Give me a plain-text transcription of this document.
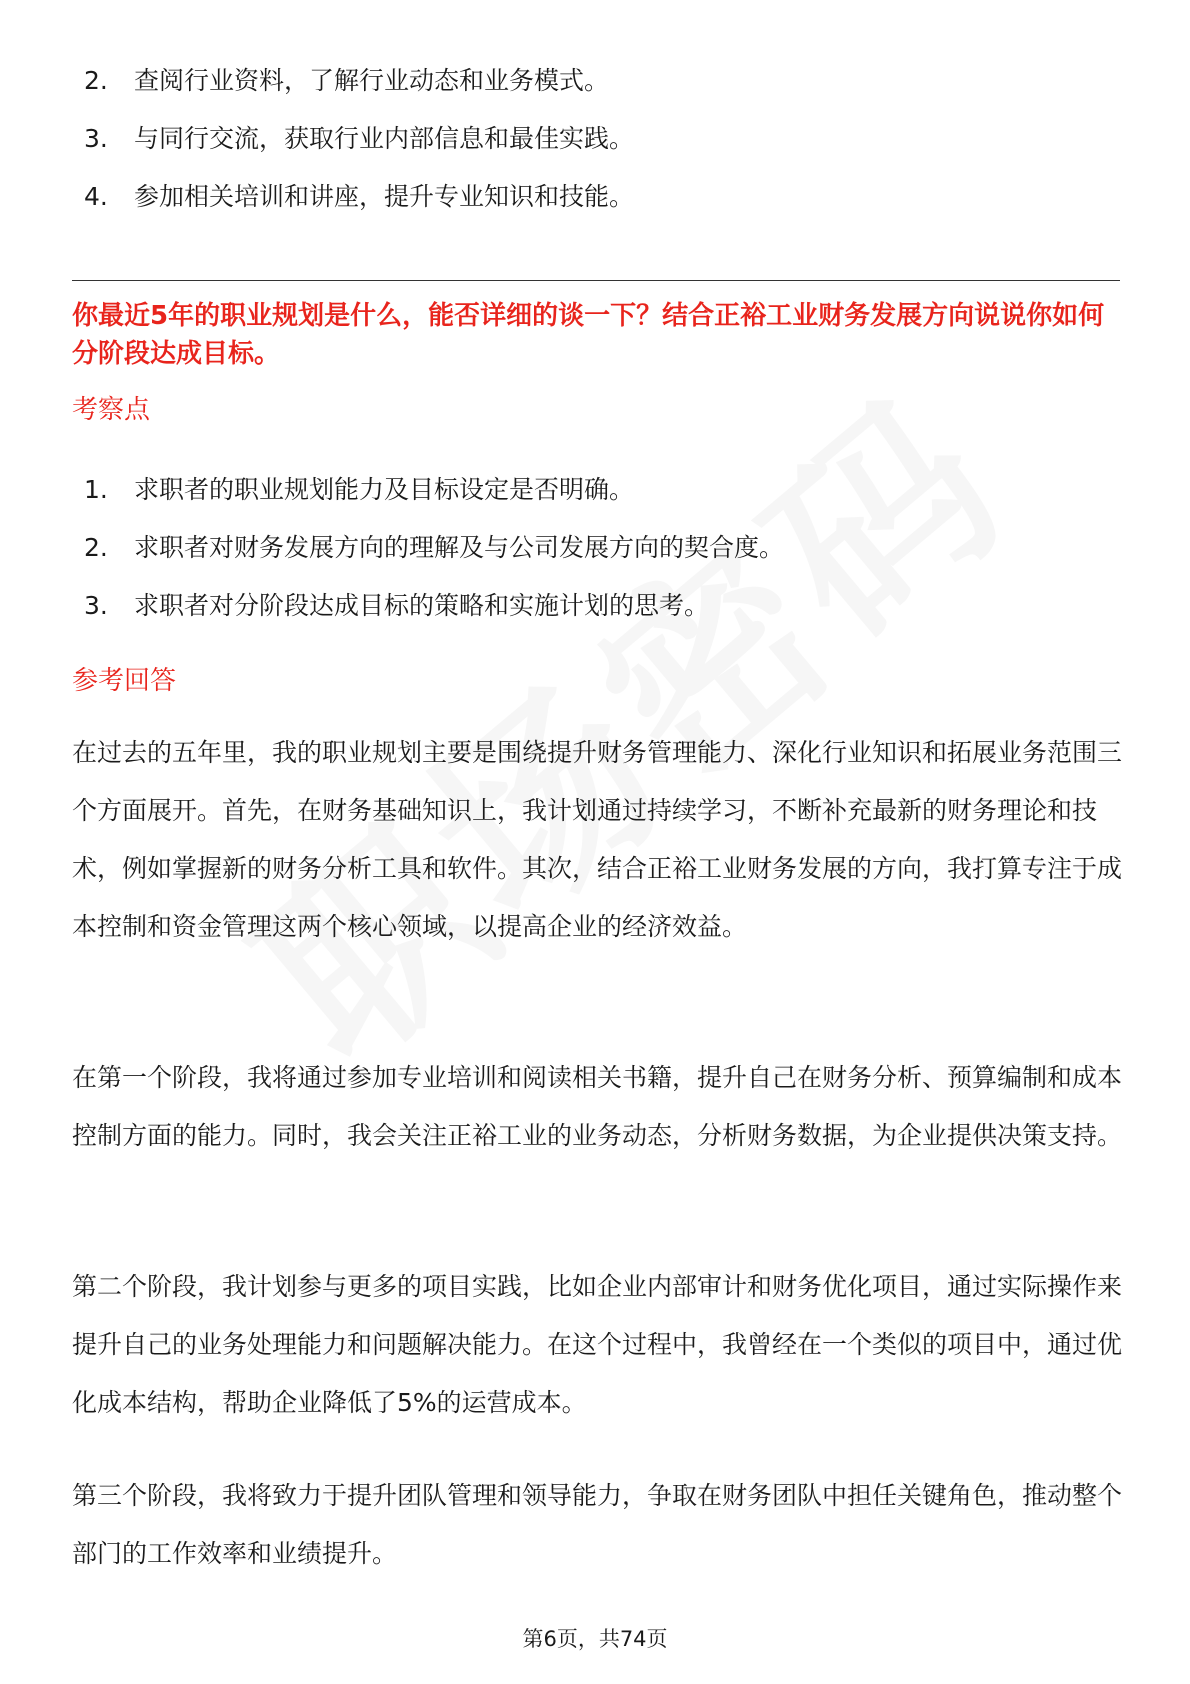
2.	查阅行业资料，了解行业动态和业务模式。
3.	与同行交流，获取行业内部信息和最佳实践。
4.	参加相关培训和讲座，提升专业知识和技能。
你最近5年的职业规划是什么，能否详细的谈一下？结合正裕工业财务发展方向说说你如何分阶段达成目标。
考察点
1.	求职者的职业规划能力及目标设定是否明确。
2.	求职者对财务发展方向的理解及与公司发展方向的契合度。
3.	求职者对分阶段达成目标的策略和实施计划的思考。
参考回答

在过去的五年里，我的职业规划主要是围绕提升财务管理能力、深化行业知识和拓展业务范围三个方面展开。首先，在财务基础知识上，我计划通过持续学习，不断补充最新的财务理论和技术，例如掌握新的财务分析工具和软件。其次，结合正裕工业财务发展的方向，我打算专注于成本控制和资金管理这两个核心领域，以提高企业的经济效益。

在第一个阶段，我将通过参加专业培训和阅读相关书籍，提升自己在财务分析、预算编制和成本控制方面的能力。同时，我会关注正裕工业的业务动态，分析财务数据，为企业提供决策支持。

第二个阶段，我计划参与更多的项目实践，比如企业内部审计和财务优化项目，通过实际操作来提升自己的业务处理能力和问题解决能力。在这个过程中，我曾经在一个类似的项目中，通过优化成本结构，帮助企业降低了5%的运营成本。

第三个阶段，我将致力于提升团队管理和领导能力，争取在财务团队中担任关键角色，推动整个部门的工作效率和业绩提升。

第6页，共74页
